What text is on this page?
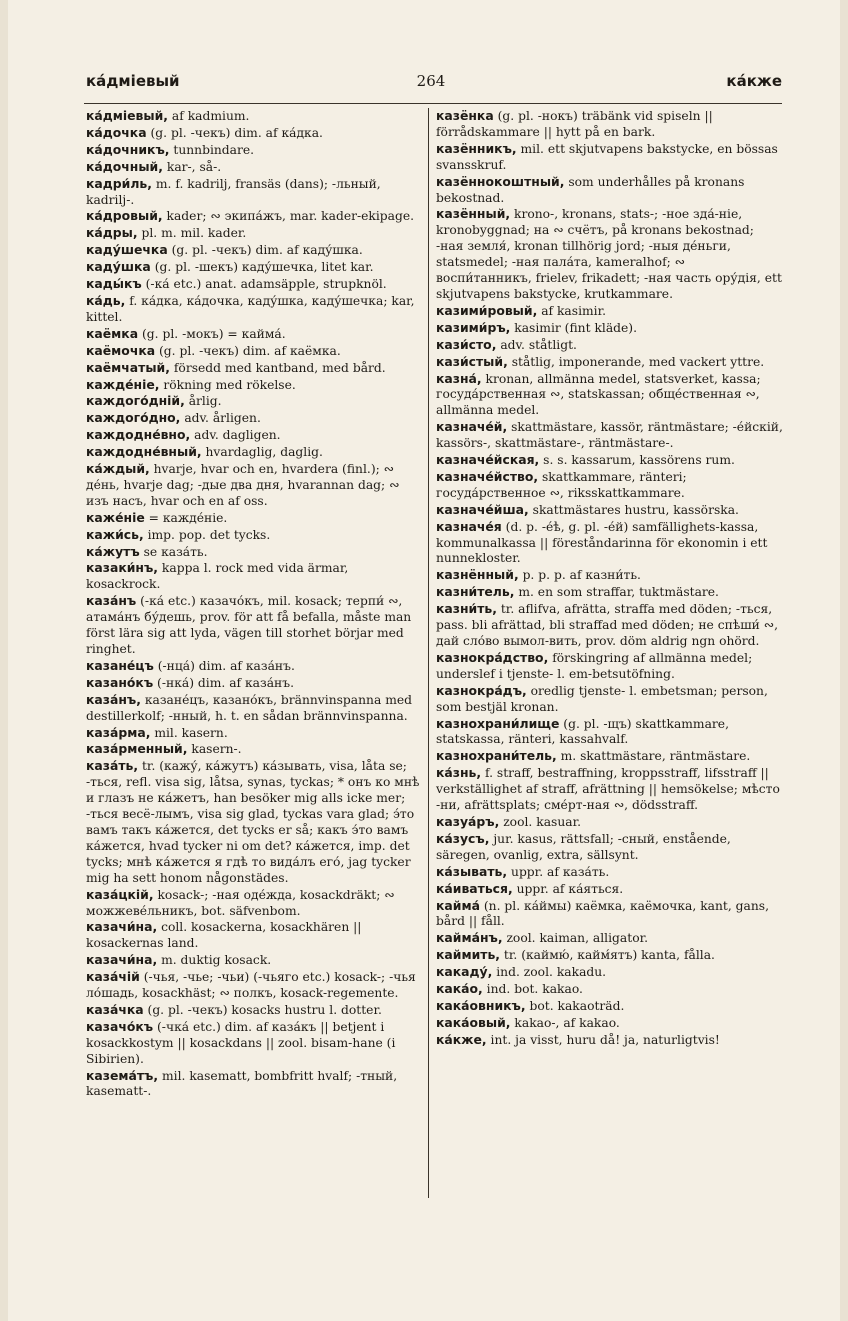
ка́дміевый	264	ка́кже

ка́дміевый, af kadmium.

ка́дочка (g. pl. -чекъ) dim. af ка́дка.

ка́дочникъ, tunnbindare.

ка́дочный, kar-, så-.

кадри́ль, m. f. kadrilj, fransäs (dans); -льный, kadrilj-.

ка́дровый, kader; ∾ экипа́жъ, mar. kader-ekipage.

ка́дры, pl. m. mil. kader.

каду́шечка (g. pl. -чекъ) dim. af каду́шка.

каду́шка (g. pl. -шекъ) каду́шечка, litet kar.

кады́къ (-ка́ etc.) anat. adamsäpple, strupknöl.

ка́дь, f. ка́дка, ка́дочка, каду́шка, каду́шечка; kar, kittel.

каёмка (g. pl. -мокъ) = кайма́.

каёмочка (g. pl. -чекъ) dim. af каёмка.

каёмчатый, försedd med kantband, med bård.

кажде́ніе, rökning med rökelse.

каждого́дній, årlig.

каждого́дно, adv. årligen.

каждодне́вно, adv. dagligen.

каждодне́вный, hvardaglig, daglig.

ка́ждый, hvarje, hvar och en, hvardera (finl.); ∾ де́нь, hvarje dag; -дые два дня, hvarannan dag; ∾ изъ насъ, hvar och en af oss.

каже́ніе = кажде́ніе.

кажи́сь, imp. pop. det tycks.

ка́жутъ se каза́ть.

казаки́нъ, kappa l. rock med vida ärmar, kosackrock.

каза́нъ (-ка́ etc.) казачо́къ, mil. kosack; терпи́ ∾, атама́нъ бу́дешь, prov. för att få befalla, måste man först lära sig att lyda, vägen till storhet börjar med ringhet.

казане́цъ (-нца́) dim. af каза́нъ.

казано́къ (-нка́) dim. af каза́нъ.

каза́нъ, казане́цъ, казано́къ, brännvinspanna med destillerkolf; -нный, h. t. en sådan brännvinspanna.

каза́рма, mil. kasern.

каза́рменный, kasern-.

каза́ть, tr. (кажу́, ка́жутъ) ка́зывать, visa, låta se; -ться, refl. visa sig, låtsa, synas, tyckas; * онъ ко мнѣ и глазъ не ка́жетъ, han besöker mig alls icke mer; -ться весё-лымъ, visa sig glad, tyckas vara glad; э́то вамъ такъ ка́жется, det tycks er så; какъ э́то вамъ ка́жется, hvad tycker ni om det? ка́жется, imp. det tycks; мнѣ ка́жется я гдѣ то вида́лъ его́, jag tycker mig ha sett honom någonstädes.

каза́цкій, kosack-; -ная оде́жда, kosackdräkt; ∾ можжеве́льникъ, bot. säfvenbom.

казачи́на, coll. kosackerna, kosackhären || kosackernas land.

казачи́на, m. duktig kosack.

каза́чій (-чья, -чье; -чьи) (-чьяго etc.) kosack-; -чья ло́шадь, kosackhäst; ∾ полкъ, kosack-regemente.

каза́чка (g. pl. -чекъ) kosacks hustru l. dotter.

казачо́къ (-чка́ etc.) dim. af каза́къ || betjent i kosackkostym || kosackdans || zool. bisam-hane (i Sibirien).

казема́тъ, mil. kasematt, bombfritt hvalf; -тный, kasematt-.

казёнка (g. pl. -нокъ) träbänk vid spiseln || förrådskammare || hytt på en bark.

казённикъ, mil. ett skjutvapens bakstycke, en bössas svansskruf.

казённокоштный, som underhålles på kronans bekostnad.

казённый, krono-, kronans, stats-; -ное зда́-ніе, kronobyggnad; на ∾ счётъ, på kronans bekostnad; -ная земля́, kronan tillhörig jord; -ныя де́ньги, statsmedel; -ная пала́та, kameralhof; ∾ воспи́танникъ, frielev, frikadett; -ная часть ору́дія, ett skjutvapens bakstycke, krutkammare.

казими́ровый, af kasimir.

казими́ръ, kasimir (fint kläde).

кази́сто, adv. ståtligt.

кази́стый, ståtlig, imponerande, med vackert yttre.

казна́, kronan, allmänna medel, statsverket, kassa; госуда́рственная ∾, statskassan; обще́ственная ∾, allmänna medel.

казначе́й, skattmästare, kassör, räntmästare; -е́йскій, kassörs-, skattmästare-, räntmästare-.

казначе́йская, s. s. kassarum, kassörens rum.

казначе́йство, skattkammare, ränteri; госуда́рственное ∾, riksskattkammare.

казначе́йша, skattmästares hustru, kassörska.

казначе́я (d. p. -е́ѣ, g. pl. -е́й) samfällighets-kassa, kommunalkassa || föreståndarinna för ekonomin i ett nunnekloster.

казнённый, p. p. p. af казни́ть.

казни́тель, m. en som straffar, tuktmästare.

казни́ть, tr. aflifva, afrätta, straffa med döden; -ться, pass. bli afrättad, bli straffad med döden; не спѣши́ ∾, дай сло́во вымол-вить, prov. döm aldrig ngn ohörd.

казнокра́дство, förskingring af allmänna medel; underslef i tjenste- l. em-betsutöfning.

казнокра́дъ, oredlig tjenste- l. embetsman; person, som bestjäl kronan.

казнохрани́лище (g. pl. -щъ) skattkammare, statskassa, ränteri, kassahvalf.

казнохрани́тель, m. skattmästare, räntmästare.

ка́знь, f. straff, bestraffning, kroppsstraff, lifsstraff || verkställighet af straff, afrättning || hemsökelse; мѣсто -ни, afrättsplats; сме́рт-ная ∾, dödsstraff.

казуа́ръ, zool. kasuar.

ка́зусъ, jur. kasus, rättsfall; -сный, enstående, säregen, ovanlig, extra, sällsynt.

ка́зывать, uppr. af каза́ть.

ка́иваться, uppr. af ка́яться.

кайма́ (n. pl. ка́ймы) каёмка, каёмочка, kant, gans, bård || fåll.

кайма́нъ, zool. kaiman, alligator.

каймить, tr. (каймю́, кайм́ятъ) kanta, fålla.

какаду́, ind. zool. kakadu.

кака́о, ind. bot. kakao.

кака́овникъ, bot. kakaoträd.

кака́овый, kakao-, af kakao.

ка́кже, int. ja visst, huru då! ja, naturligtvis!
